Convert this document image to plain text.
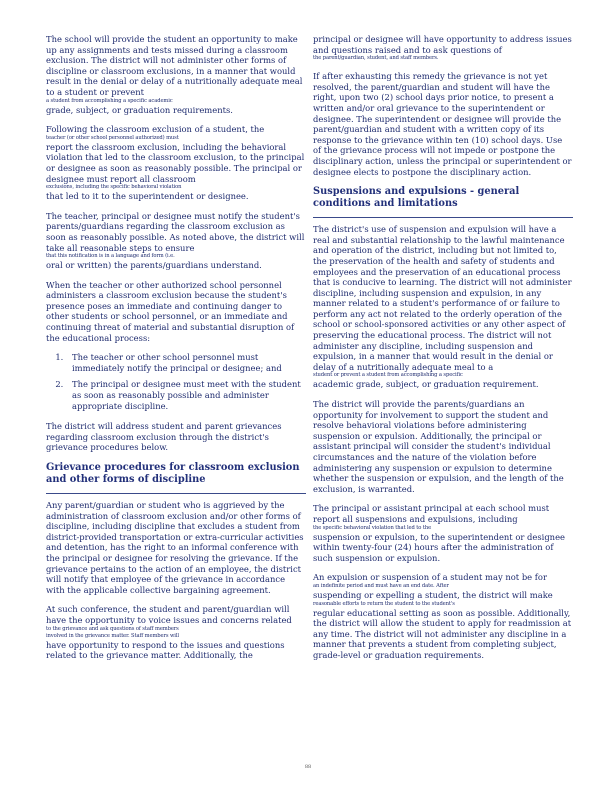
The school will provide the student an opportunity to make up any assignments and tests missed during a classroom exclusion. The district will not administer other forms of discipline or classroom exclusions, in a manner that would result in the denial or delay of a nutritionally adequate meal to a student or prevent
a student from accomplishing a specific academic
grade, subject, or graduation requirements.

Following the classroom exclusion of a student, the
teacher (or other school personnel authorized) must
report the classroom exclusion, including the behavioral violation that led to the classroom exclusion, to the principal or designee as soon as reasonably possible. The principal or designee must report all classroom
exclusions, including the specific behavioral violation
that led to it to the superintendent or designee.

The teacher, principal or designee must notify the student's parents/guardians regarding the classroom exclusion as soon as reasonably possible. As noted above, the district will take all reasonable steps to ensure
that this notification is in a language and form (i.e.
oral or written) the parents/guardians understand.

When the teacher or other authorized school personnel administers a classroom exclusion because the student's presence poses an immediate and continuing danger to other students or school personnel, or an immediate and continuing threat of material and substantial disruption of the educational process:

1. The teacher or other school personnel must immediately notify the principal or designee; and
2. The principal or designee must meet with the student as soon as reasonably possible and administer appropriate discipline.

The district will address student and parent grievances regarding classroom exclusion through the district's grievance procedures below.

Grievance procedures for classroom exclusion and other forms of discipline

Any parent/guardian or student who is aggrieved by the administration of classroom exclusion and/or other forms of discipline, including discipline that excludes a student from district-provided transportation or extra-curricular activities and detention, has the right to an informal conference with the principal or designee for resolving the grievance. If the grievance pertains to the action of an employee, the district will notify that employee of the grievance in accordance with the applicable collective bargaining agreement.

At such conference, the student and parent/guardian will have the opportunity to voice issues and concerns related
to the grievance and ask questions of staff members
involved in the grievance matter. Staff members will
have opportunity to respond to the issues and questions related to the grievance matter. Additionally, the

principal or designee will have opportunity to address issues and questions raised and to ask questions of
the parent/guardian, student, and staff members.

If after exhausting this remedy the grievance is not yet resolved, the parent/guardian and student will have the right, upon two (2) school days prior notice, to present a written and/or oral grievance to the superintendent or designee. The superintendent or designee will provide the parent/guardian and student with a written copy of its response to the grievance within ten (10) school days. Use of the grievance process will not impede or postpone the disciplinary action, unless the principal or superintendent or designee elects to postpone the disciplinary action.

Suspensions and expulsions - general conditions and limitations

The district's use of suspension and expulsion will have a real and substantial relationship to the lawful maintenance and operation of the district, including but not limited to, the preservation of the health and safety of students and employees and the preservation of an educational process that is conducive to learning. The district will not administer discipline, including suspension and expulsion, in any manner related to a student's performance of or failure to perform any act not related to the orderly operation of the school or school-sponsored activities or any other aspect of preserving the educational process. The district will not administer any discipline, including suspension and expulsion, in a manner that would result in the denial or delay of a nutritionally adequate meal to a
student or prevent a student from accomplishing a specific
academic grade, subject, or graduation requirement.

The district will provide the parents/guardians an opportunity for involvement to support the student and resolve behavioral violations before administering suspension or expulsion. Additionally, the principal or assistant principal will consider the student's individual circumstances and the nature of the violation before administering any suspension or expulsion to determine whether the suspension or expulsion, and the length of the exclusion, is warranted.

The principal or assistant principal at each school must report all suspensions and expulsions, including
the specific behavioral violation that led to the
suspension or expulsion, to the superintendent or designee within twenty-four (24) hours after the administration of such suspension or expulsion.

An expulsion or suspension of a student may not be for
an indefinite period and must have an end date. After
suspending or expelling a student, the district will make
reasonable efforts to return the student to the student's
regular educational setting as soon as possible. Additionally, the district will allow the student to apply for readmission at any time. The district will not administer any discipline in a manner that prevents a student from completing subject, grade-level or graduation requirements.

88
